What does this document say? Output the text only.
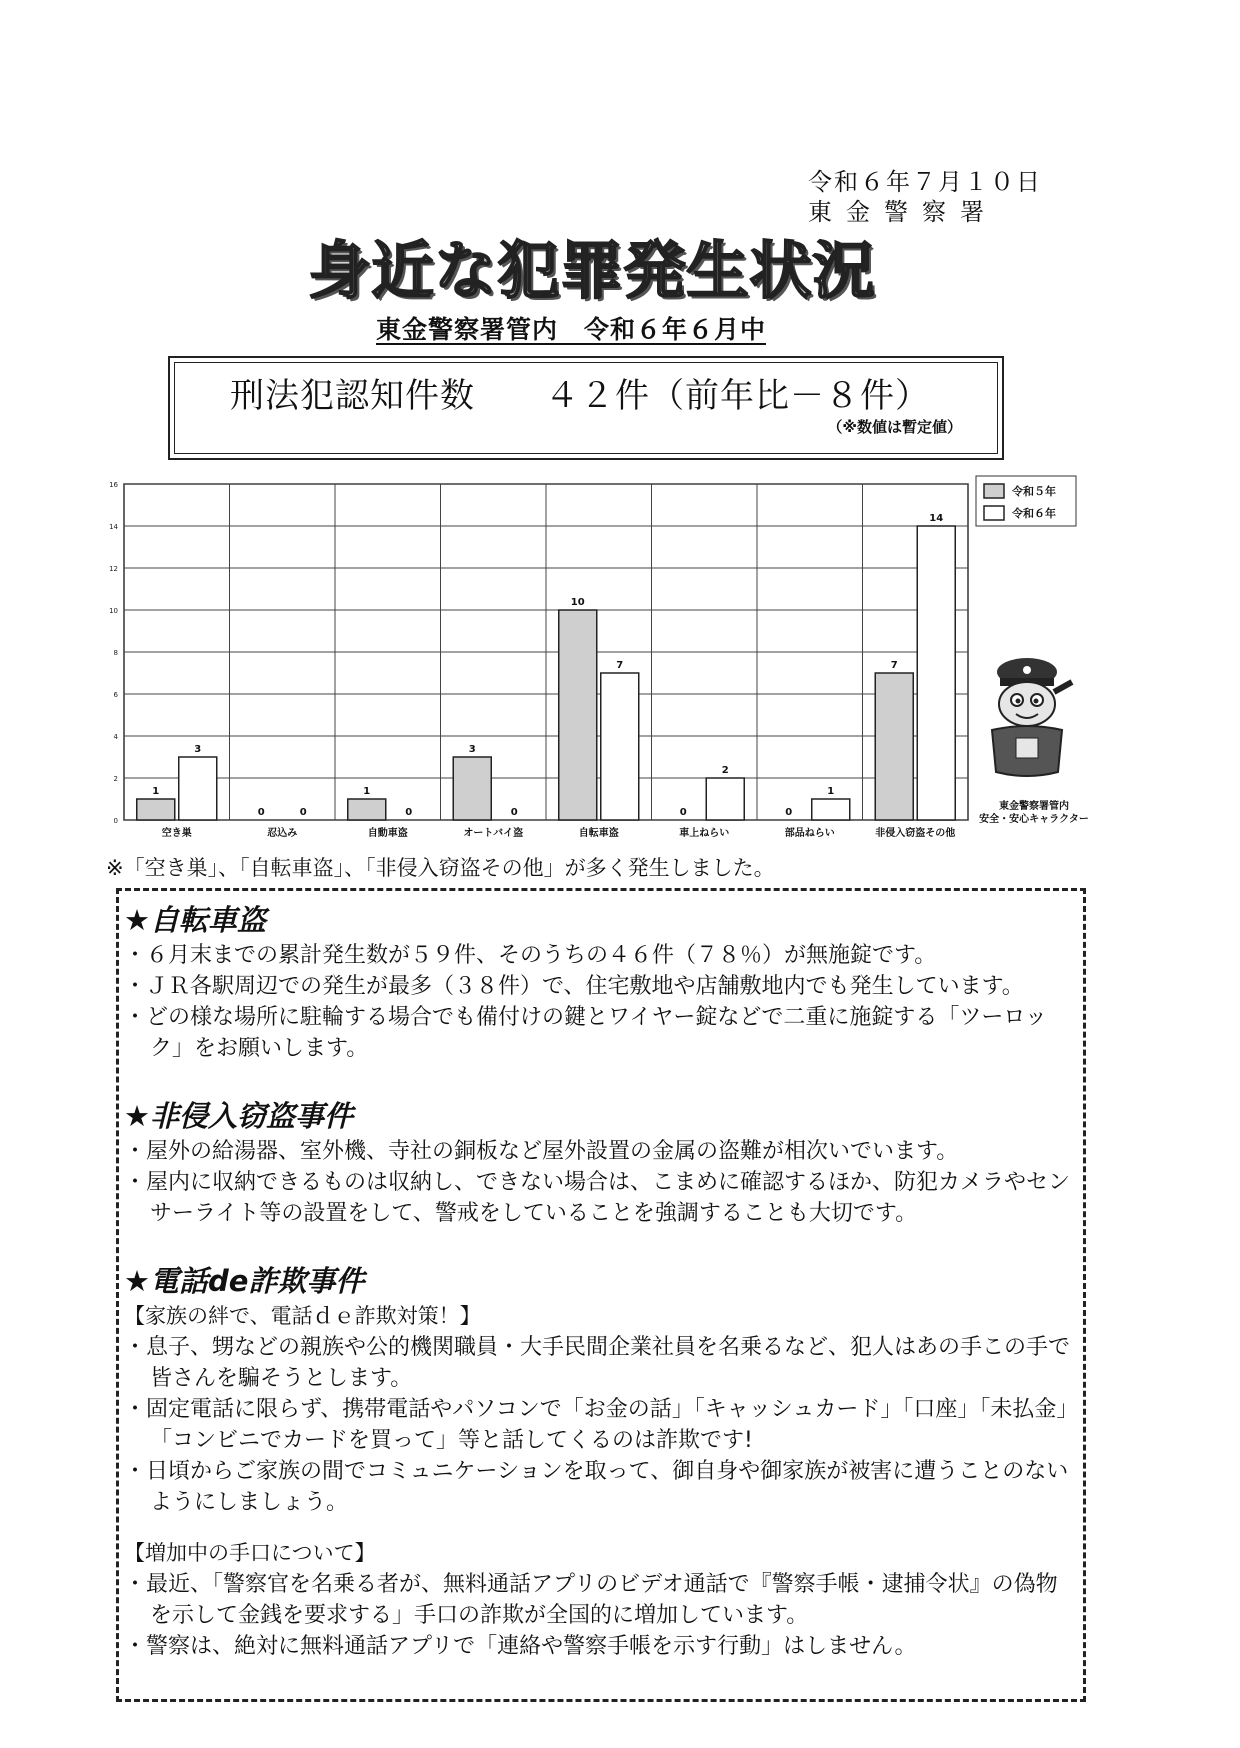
令和６年７月１０日
東金警察署
身近な犯罪発生状況
東金警察署管内　令和６年６月中
刑法犯認知件数　　４２件（前年比－８件）
（※数値は暫定値）
0
2
4
6
8
10
12
14
16
1
3
空き巣
0	0
忍込み
1
0
自動車盗
3
0
オートバイ盗
10
7
自転車盗
0
2
車上ねらい
0
1
部品ねらい
7
14
非侵入窃盗その他
令和５年
令和６年
東金警察署管内
安全・安心キャラクター
※「空き巣」、「自転車盗」、「非侵入窃盗その他」が多く発生しました。
★自転車盗

・６月末までの累計発生数が５９件、そのうちの４６件（７８％）が無施錠です。

・ＪＲ各駅周辺での発生が最多（３８件）で、住宅敷地や店舗敷地内でも発生しています。

・どの様な場所に駐輪する場合でも備付けの鍵とワイヤー錠などで二重に施錠する「ツーロック」をお願いします。

★非侵入窃盗事件

・屋外の給湯器、室外機、寺社の銅板など屋外設置の金属の盗難が相次いでいます。

・屋内に収納できるものは収納し、できない場合は、こまめに確認するほか、防犯カメラやセンサーライト等の設置をして、警戒をしていることを強調することも大切です。

★電話de詐欺事件

【家族の絆で、電話ｄｅ詐欺対策！】

・息子、甥などの親族や公的機関職員・大手民間企業社員を名乗るなど、犯人はあの手この手で皆さんを騙そうとします。

・固定電話に限らず、携帯電話やパソコンで「お金の話」「キャッシュカード」「口座」「未払金」「コンビニでカードを買って」等と話してくるのは詐欺です!

・日頃からご家族の間でコミュニケーションを取って、御自身や御家族が被害に遭うことのないようにしましょう。

【増加中の手口について】

・最近、「警察官を名乗る者が、無料通話アプリのビデオ通話で『警察手帳・逮捕令状』の偽物を示して金銭を要求する」手口の詐欺が全国的に増加しています。

・警察は、絶対に無料通話アプリで「連絡や警察手帳を示す行動」はしません。
